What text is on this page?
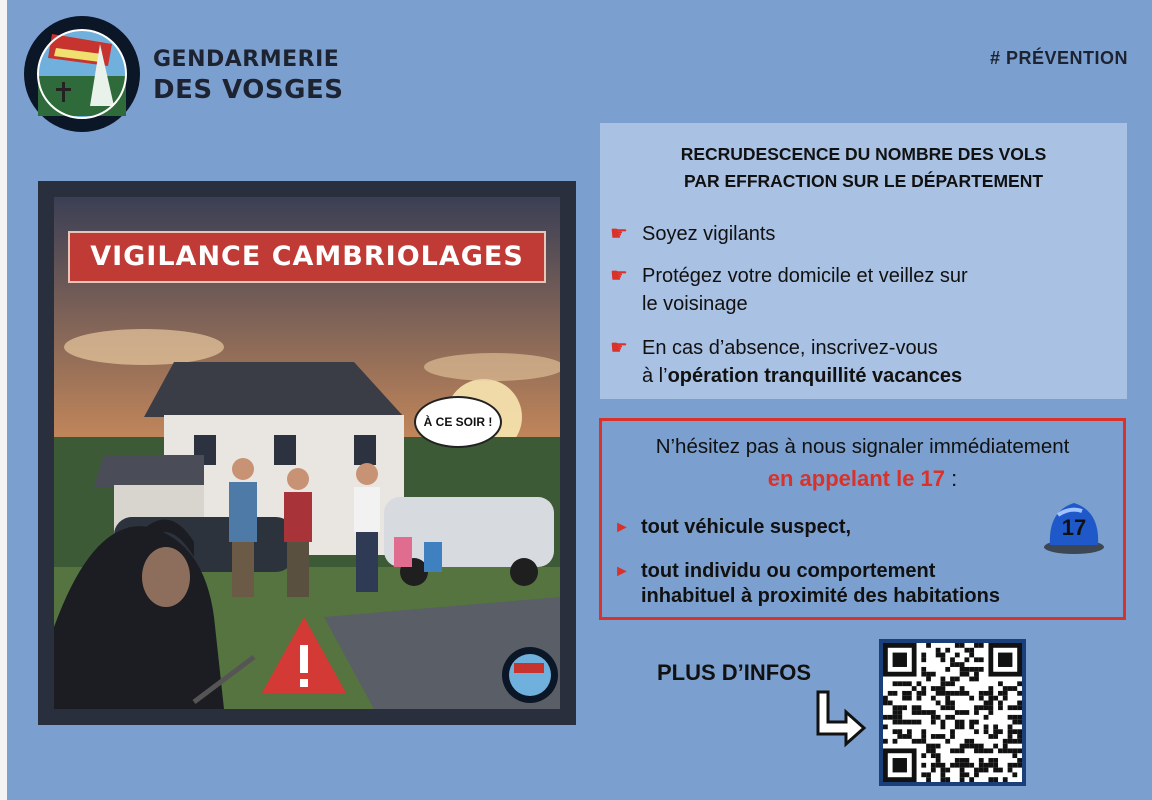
GENDARMERIE
DES VOSGES
# PRÉVENTION
VIGILANCE CAMBRIOLAGES
À CE SOIR !
RECRUDESCENCE DU NOMBRE DES VOLS
PAR EFFRACTION SUR LE DÉPARTEMENT
☛ Soyez vigilants
☛ Protégez votre domicile et veillez sur
le voisinage
☛ En cas d’absence, inscrivez-vous
à l’opération tranquillité vacances
N’hésitez pas à nous signaler immédiatement
en appelant le 17 :
► tout véhicule suspect,
► tout individu ou comportement
inhabituel à proximité des habitations
17
PLUS D’INFOS
